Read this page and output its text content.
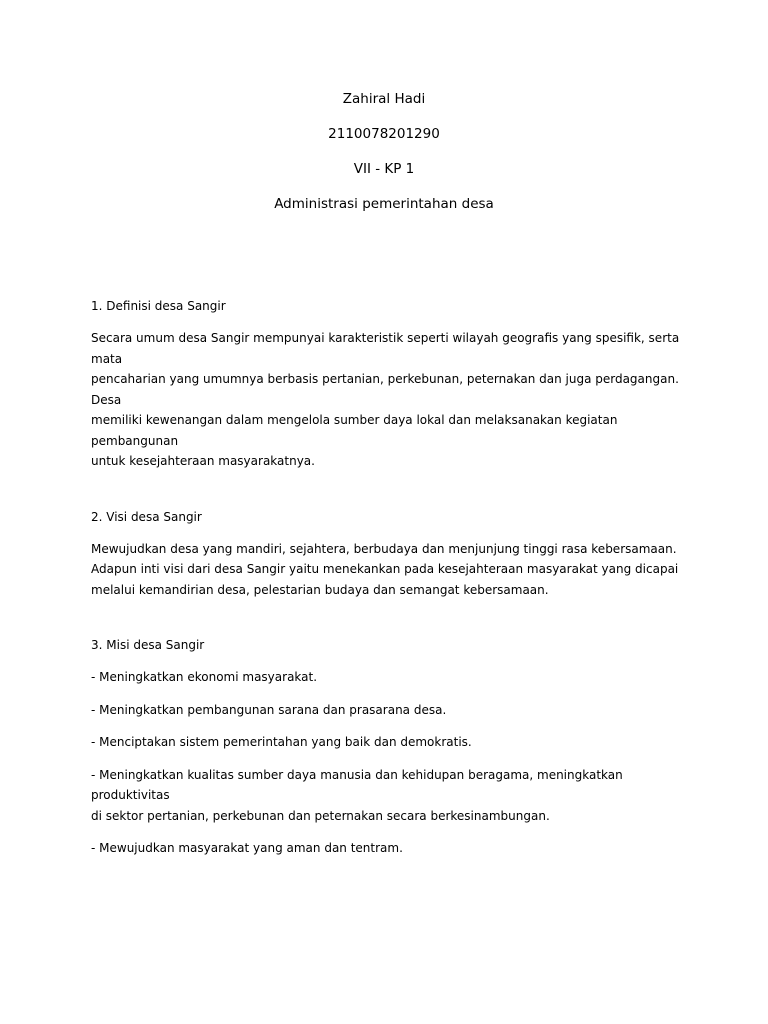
Zahiral Hadi
2110078201290
VII - KP 1
Administrasi pemerintahan desa
1. Definisi desa Sangir
Secara umum desa Sangir mempunyai karakteristik seperti wilayah geografis yang spesifik, serta mata
pencaharian yang umumnya berbasis pertanian, perkebunan, peternakan dan juga perdagangan. Desa
memiliki kewenangan dalam mengelola sumber daya lokal dan melaksanakan kegiatan pembangunan
untuk kesejahteraan masyarakatnya.
2. Visi desa Sangir
Mewujudkan desa yang mandiri, sejahtera, berbudaya dan menjunjung tinggi rasa kebersamaan.
Adapun inti visi dari desa Sangir yaitu menekankan pada kesejahteraan masyarakat yang dicapai
melalui kemandirian desa, pelestarian budaya dan semangat kebersamaan.
3. Misi desa Sangir
- Meningkatkan ekonomi masyarakat.
- Meningkatkan pembangunan sarana dan prasarana desa.
- Menciptakan sistem pemerintahan yang baik dan demokratis.
- Meningkatkan kualitas sumber daya manusia dan kehidupan beragama, meningkatkan produktivitas
di sektor pertanian, perkebunan dan peternakan secara berkesinambungan.
- Mewujudkan masyarakat yang aman dan tentram.
